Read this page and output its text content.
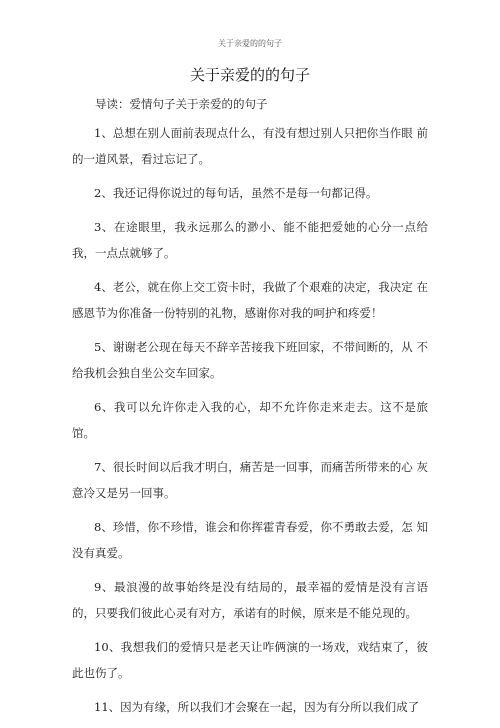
关于亲爱的的句子
关于亲爱的的句子
导读：爱情句子关于亲爱的的句子

1、总想在别人面前表现点什么，有没有想过别人只把你当作眼 前的一道风景，看过忘记了。

2、我还记得你说过的每句话，虽然不是每一句都记得。

3、在途眼里，我永远那么的渺小、能不能把爱她的心分一点给 我，一点点就够了。

4、老公，就在你上交工资卡时，我做了个艰难的决定，我决定 在感恩节为你准备一份特别的礼物，感谢你对我的呵护和疼爱！

5、谢谢老公现在每天不辞辛苦接我下班回家，不带间断的，从 不给我机会独自坐公交车回家。

6、我可以允许你走入我的心，却不允许你走来走去。这不是旅 馆。

7、很长时间以后我才明白，痛苦是一回事，而痛苦所带来的心 灰意冷又是另一回事。

8、珍惜，你不珍惜，谁会和你挥霍青春爱，你不勇敢去爱，怎 知没有真爱。

9、最浪漫的故事始终是没有结局的，最幸福的爱情是没有言语 的，只要我们彼此心灵有对方，承诺有的时候，原来是不能兑现的。

10、我想我们的爱情只是老天让咋俩演的一场戏，戏结束了，彼 此也伤了。

11、因为有缘，所以我们才会聚在一起，因为有分所以我们成了
